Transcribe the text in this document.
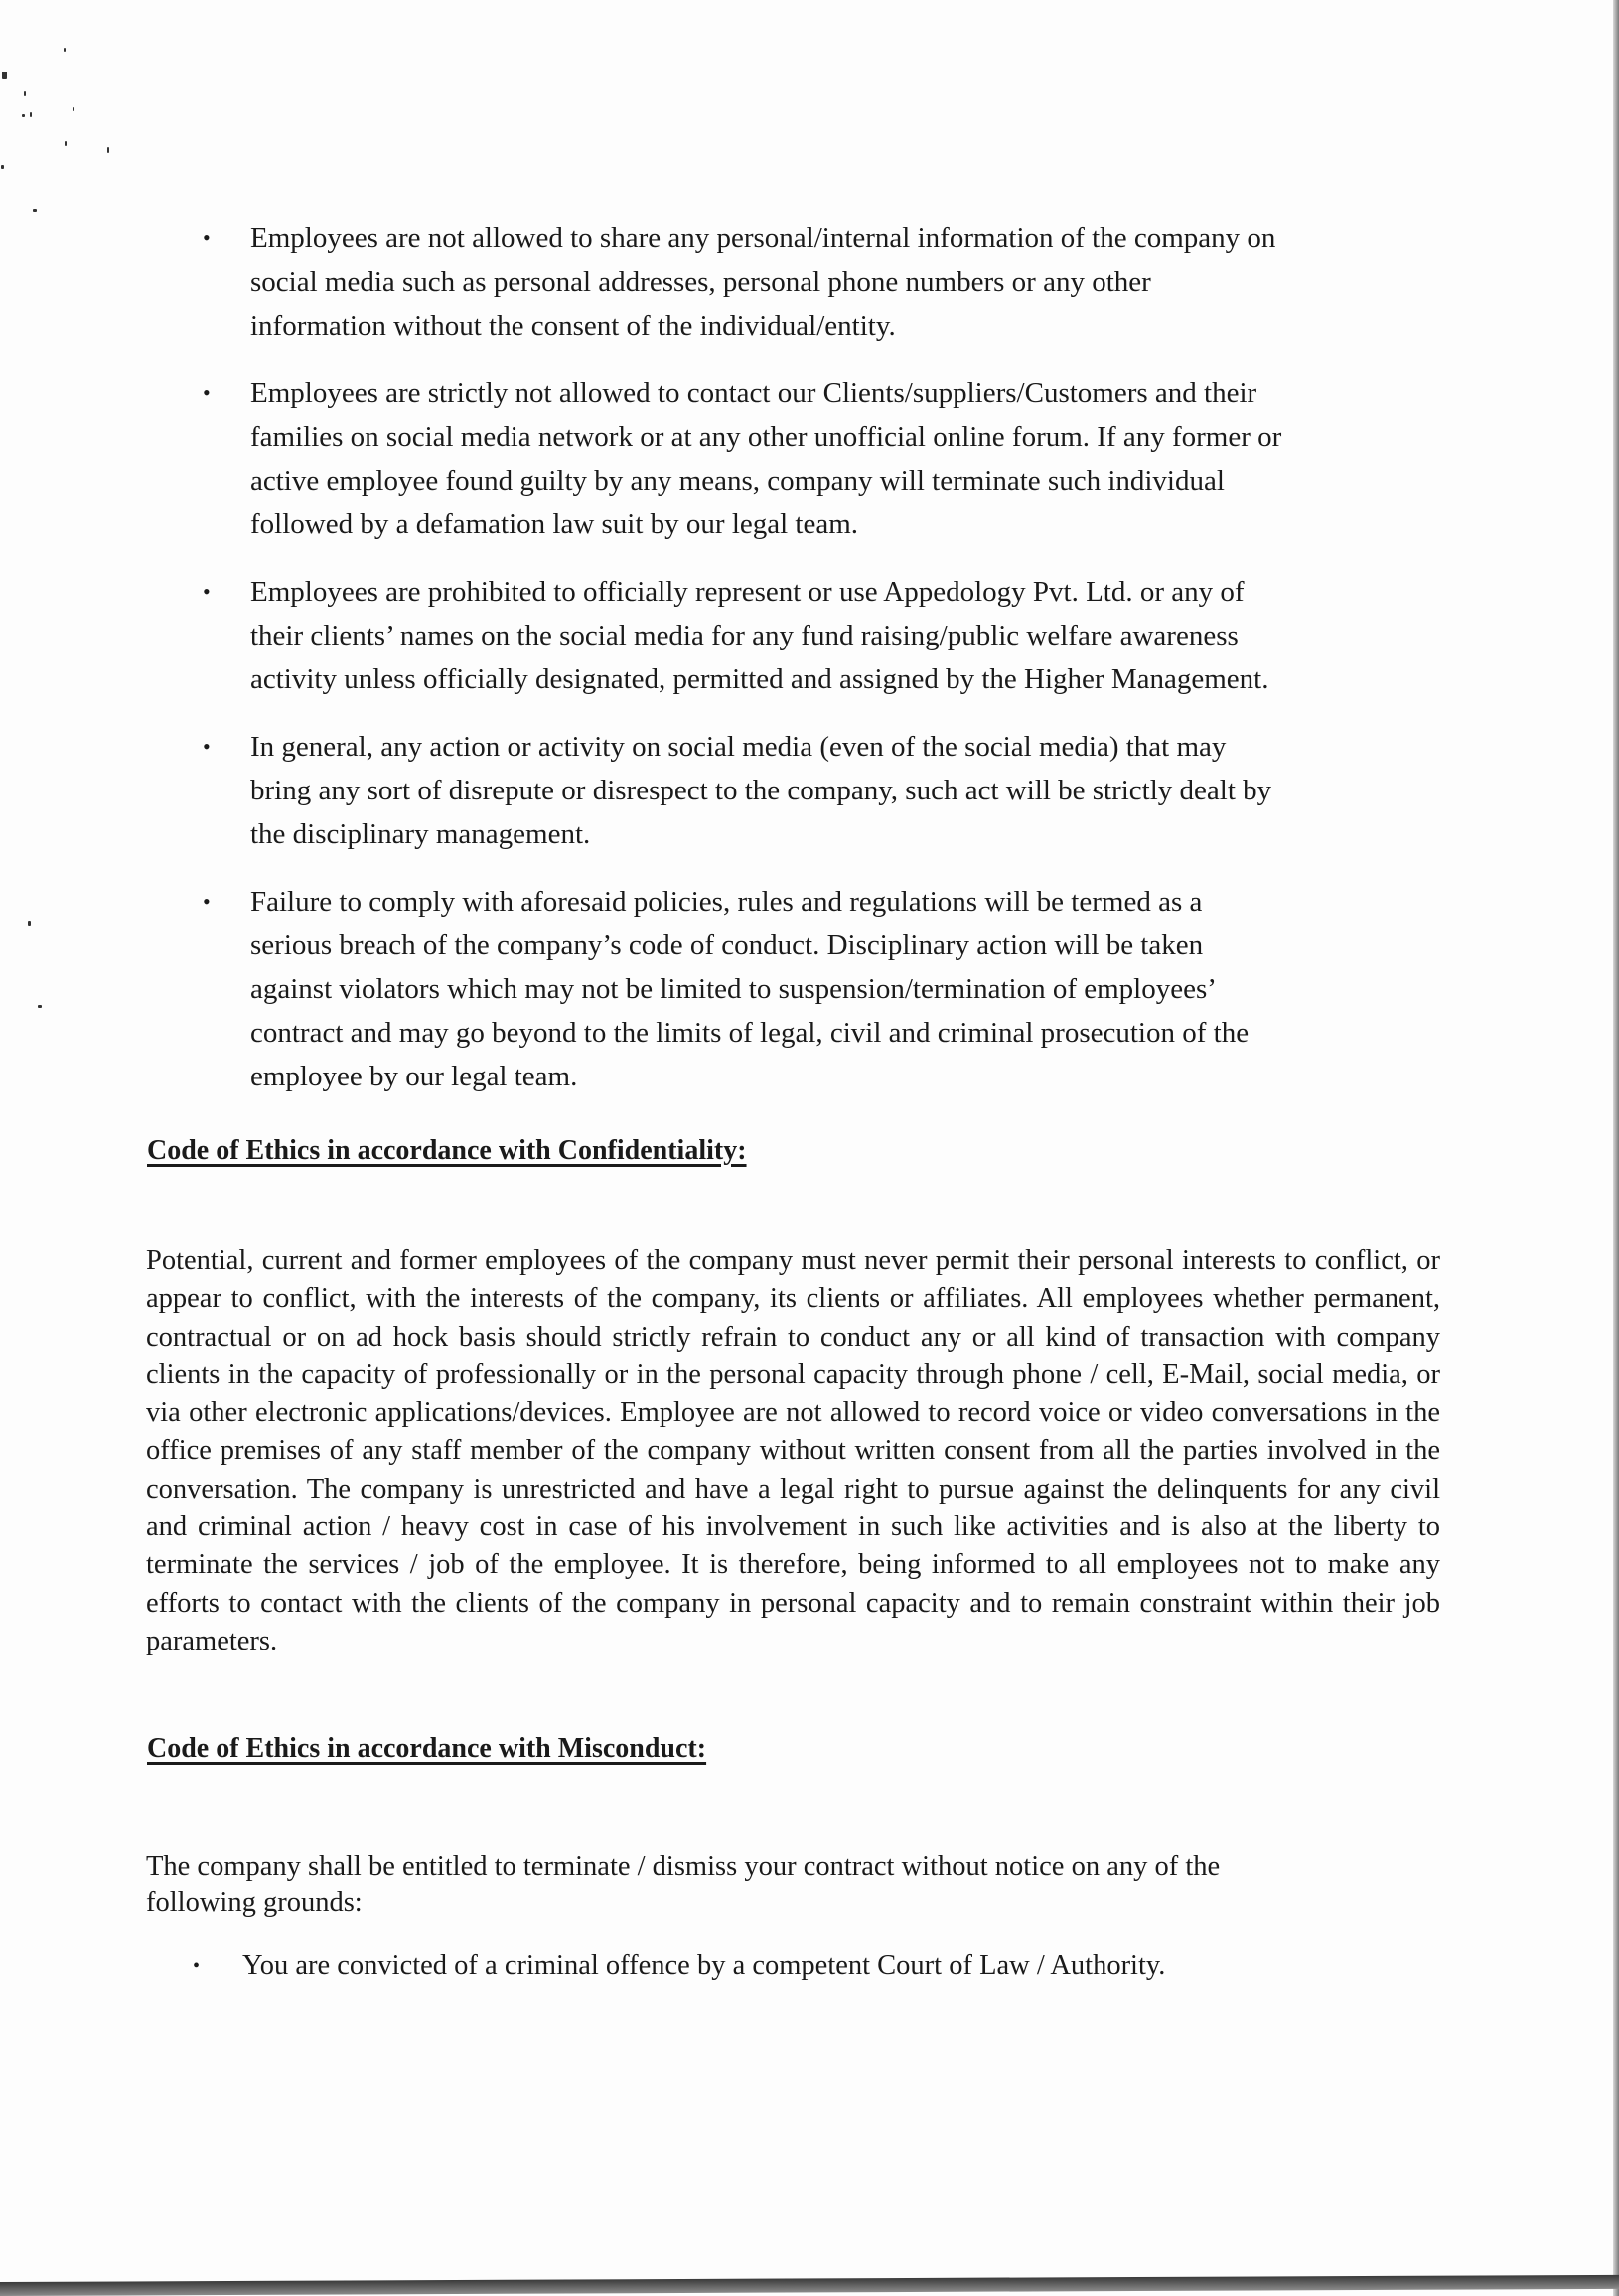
• Employees are not allowed to share any personal/internal information of the company on
social media such as personal addresses, personal phone numbers or any other
information without the consent of the individual/entity.
• Employees are strictly not allowed to contact our Clients/suppliers/Customers and their
families on social media network or at any other unofficial online forum. If any former or
active employee found guilty by any means, company will terminate such individual
followed by a defamation law suit by our legal team.
• Employees are prohibited to officially represent or use Appedology Pvt. Ltd. or any of
their clients’ names on the social media for any fund raising/public welfare awareness
activity unless officially designated, permitted and assigned by the Higher Management.
• In general, any action or activity on social media (even of the social media) that may
bring any sort of disrepute or disrespect to the company, such act will be strictly dealt by
the disciplinary management.
• Failure to comply with aforesaid policies, rules and regulations will be termed as a
serious breach of the company’s code of conduct. Disciplinary action will be taken
against violators which may not be limited to suspension/termination of employees’
contract and may go beyond to the limits of legal, civil and criminal prosecution of the
employee by our legal team.
Code of Ethics in accordance with Confidentiality:

Potential, current and former employees of the company must never permit their personal interests to conflict, or appear to conflict, with the interests of the company, its clients or affiliates. All employees whether permanent, contractual or on ad hock basis should strictly refrain to conduct any or all kind of transaction with company clients in the capacity of professionally or in the personal capacity through phone / cell, E-Mail, social media, or via other electronic applications/devices. Employee are not allowed to record voice or video conversations in the office premises of any staff member of the company without written consent from all the parties involved in the conversation. The company is unrestricted and have a legal right to pursue against the delinquents for any civil and criminal action / heavy cost in case of his involvement in such like activities and is also at the liberty to terminate the services / job of the employee. It is therefore, being informed to all employees not to make any efforts to contact with the clients of the company in personal capacity and to remain constraint within their job parameters.

Code of Ethics in accordance with Misconduct:
The company shall be entitled to terminate / dismiss your contract without notice on any of the
following grounds:
• You are convicted of a criminal offence by a competent Court of Law / Authority.
